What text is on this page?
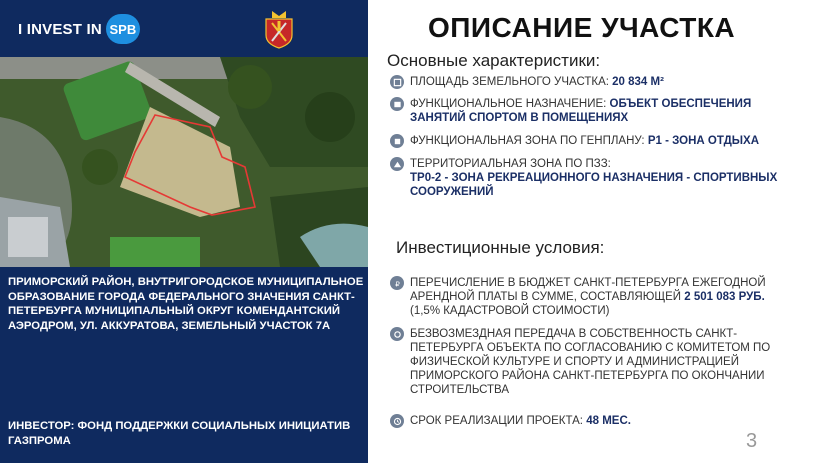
I INVEST IN SPB
ПРИМОРСКИЙ РАЙОН, ВНУТРИГОРОДСКОЕ МУНИЦИПАЛЬНОЕ ОБРАЗОВАНИЕ ГОРОДА ФЕДЕРАЛЬНОГО ЗНАЧЕНИЯ САНКТ-ПЕТЕРБУРГА МУНИЦИПАЛЬНЫЙ ОКРУГ КОМЕНДАНТСКИЙ АЭРОДРОМ, УЛ. АККУРАТОВА, ЗЕМЕЛЬНЫЙ УЧАСТОК 7А
ИНВЕСТОР: ФОНД ПОДДЕРЖКИ СОЦИАЛЬНЫХ ИНИЦИАТИВ ГАЗПРОМА
ОПИСАНИЕ УЧАСТКА
Основные характеристики:
ПЛОЩАДЬ ЗЕМЕЛЬНОГО УЧАСТКА: 20 834 М²
ФУНКЦИОНАЛЬНОЕ НАЗНАЧЕНИЕ: ОБЪЕКТ ОБЕСПЕЧЕНИЯ ЗАНЯТИЙ СПОРТОМ В ПОМЕЩЕНИЯХ
ФУНКЦИОНАЛЬНАЯ ЗОНА ПО ГЕНПЛАНУ: Р1 - ЗОНА ОТДЫХА
ТЕРРИТОРИАЛЬНАЯ ЗОНА ПО ПЗЗ:
ТР0-2 - ЗОНА РЕКРЕАЦИОННОГО НАЗНАЧЕНИЯ - СПОРТИВНЫХ СООРУЖЕНИЙ
Инвестиционные условия:
₽ ПЕРЕЧИСЛЕНИЕ В БЮДЖЕТ САНКТ-ПЕТЕРБУРГА ЕЖЕГОДНОЙ АРЕНДНОЙ ПЛАТЫ В СУММЕ, СОСТАВЛЯЮЩЕЙ 2 501 083 РУБ.
(1,5% КАДАСТРОВОЙ СТОИМОСТИ)
БЕЗВОЗМЕЗДНАЯ ПЕРЕДАЧА В СОБСТВЕННОСТЬ САНКТ-ПЕТЕРБУРГА ОБЪЕКТА ПО СОГЛАСОВАНИЮ С КОМИТЕТОМ ПО ФИЗИЧЕСКОЙ КУЛЬТУРЕ И СПОРТУ И АДМИНИСТРАЦИЕЙ ПРИМОРСКОГО РАЙОНА САНКТ-ПЕТЕРБУРГА ПО ОКОНЧАНИИ СТРОИТЕЛЬСТВА
СРОК РЕАЛИЗАЦИИ ПРОЕКТА: 48 МЕС.
3
